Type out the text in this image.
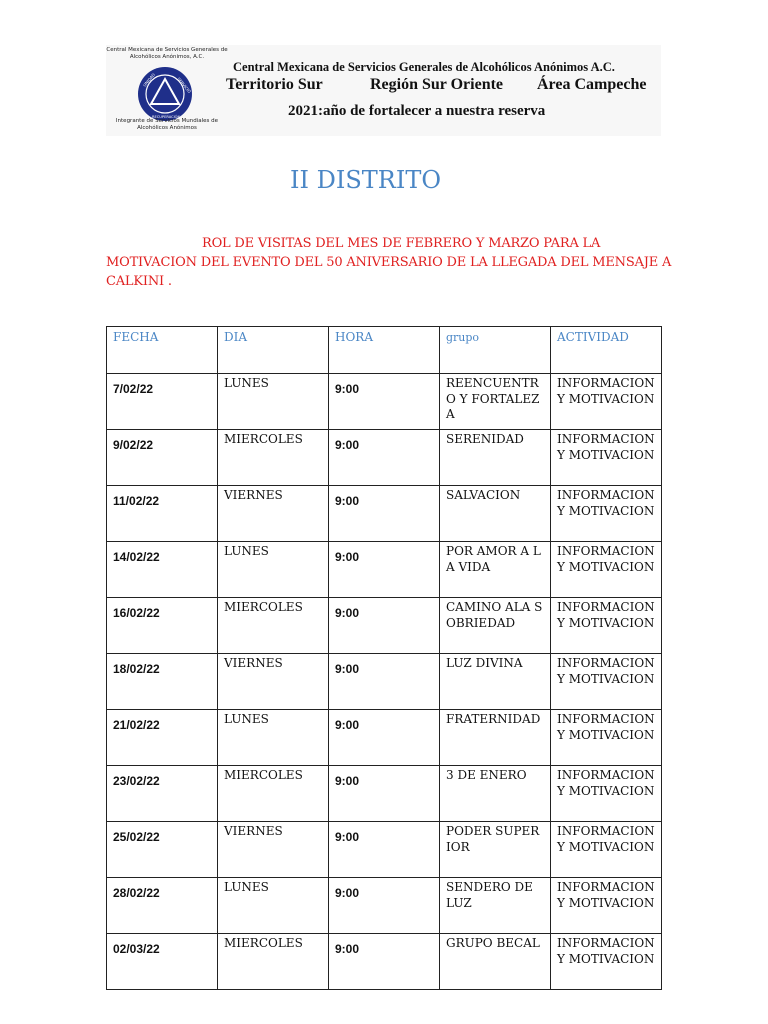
Central Mexicana de Servicios Generales de Alcohólicos Anónimos, A.C.
UNIDAD	SERVICIO
RECUPERACIÓN
Integrante de Servicios Mundiales de Alcohólicos Anónimos
Central Mexicana de Servicios Generales de Alcohólicos Anónimos A.C.
Territorio Sur	Región Sur Oriente Área Campeche
2021:año de fortalecer a nuestra reserva
II DISTRITO
ROL DE VISITAS DEL MES DE FEBRERO Y MARZO PARA LA
MOTIVACION DEL EVENTO DEL 50 ANIVERSARIO DE LA LLEGADA DEL MENSAJE A
CALKINI .
FECHA	DIA	HORA	grupo	ACTIVIDAD
7/02/22	LUNES	9:00	REENCUENTRO Y FORTALEZA	INFORMACIONY MOTIVACION
9/02/22	MIERCOLES	9:00	SERENIDAD	INFORMACION Y MOTIVACION
11/02/22	VIERNES	9:00	SALVACION	INFORMACION Y MOTIVACION
14/02/22	LUNES	9:00	POR AMOR A LA VIDA	INFORMACION Y MOTIVACION
16/02/22	MIERCOLES	9:00	CAMINO ALA SOBRIEDAD	INFORMACION Y MOTIVACION
18/02/22	VIERNES	9:00	LUZ DIVINA	INFORMACION Y MOTIVACION
21/02/22	LUNES	9:00	FRATERNIDAD	INFORMACION Y MOTIVACION
23/02/22	MIERCOLES	9:00	3 DE ENERO	INFORMACION Y MOTIVACION
25/02/22	VIERNES	9:00	PODER SUPERIOR	INFORMACION Y MOTIVACION
28/02/22	LUNES	9:00	SENDERO DE LUZ	INFORMACION Y MOTIVACION
02/03/22	MIERCOLES	9:00	GRUPO BECAL	INFORMACION Y MOTIVACION
